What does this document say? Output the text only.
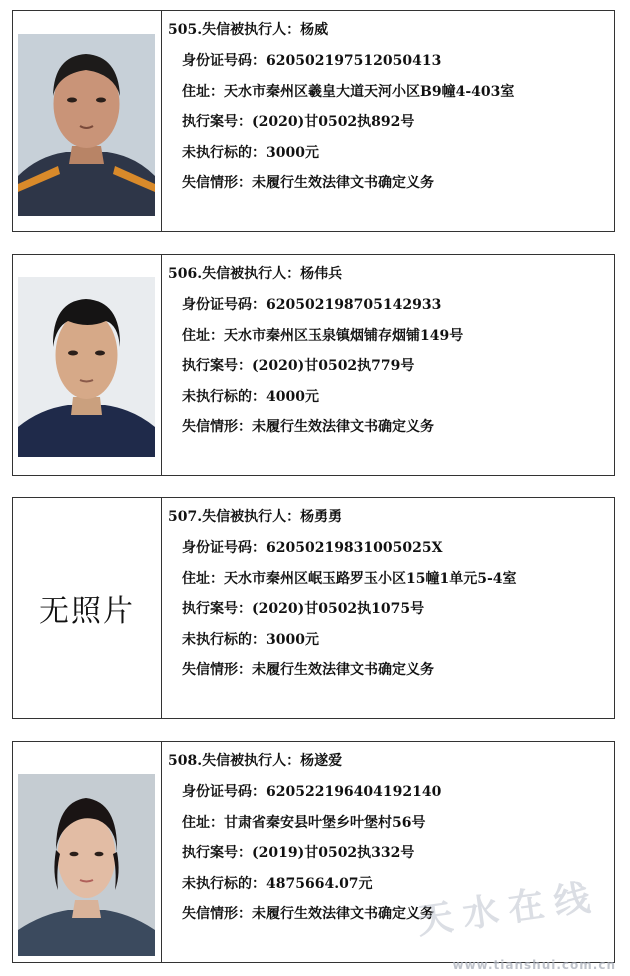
505.失信被执行人：杨威
身份证号码：620502197512050413
住址：天水市秦州区羲皇大道天河小区B9幢4-403室
执行案号：(2020)甘0502执892号
未执行标的：3000元
失信情形：未履行生效法律文书确定义务
506.失信被执行人：杨伟兵
身份证号码：620502198705142933
住址：天水市秦州区玉泉镇烟铺存烟铺149号
执行案号：(2020)甘0502执779号
未执行标的：4000元
失信情形：未履行生效法律文书确定义务
无照片
507.失信被执行人：杨勇勇
身份证号码：62050219831005025X
住址：天水市秦州区岷玉路罗玉小区15幢1单元5-4室
执行案号：(2020)甘0502执1075号
未执行标的：3000元
失信情形：未履行生效法律文书确定义务
508.失信被执行人：杨遂爱
身份证号码：620522196404192140
住址：甘肃省秦安县叶堡乡叶堡村56号
执行案号：(2019)甘0502执332号
未执行标的：4875664.07元
失信情形：未履行生效法律文书确定义务
天水在线
www.tianshui.com.cn
